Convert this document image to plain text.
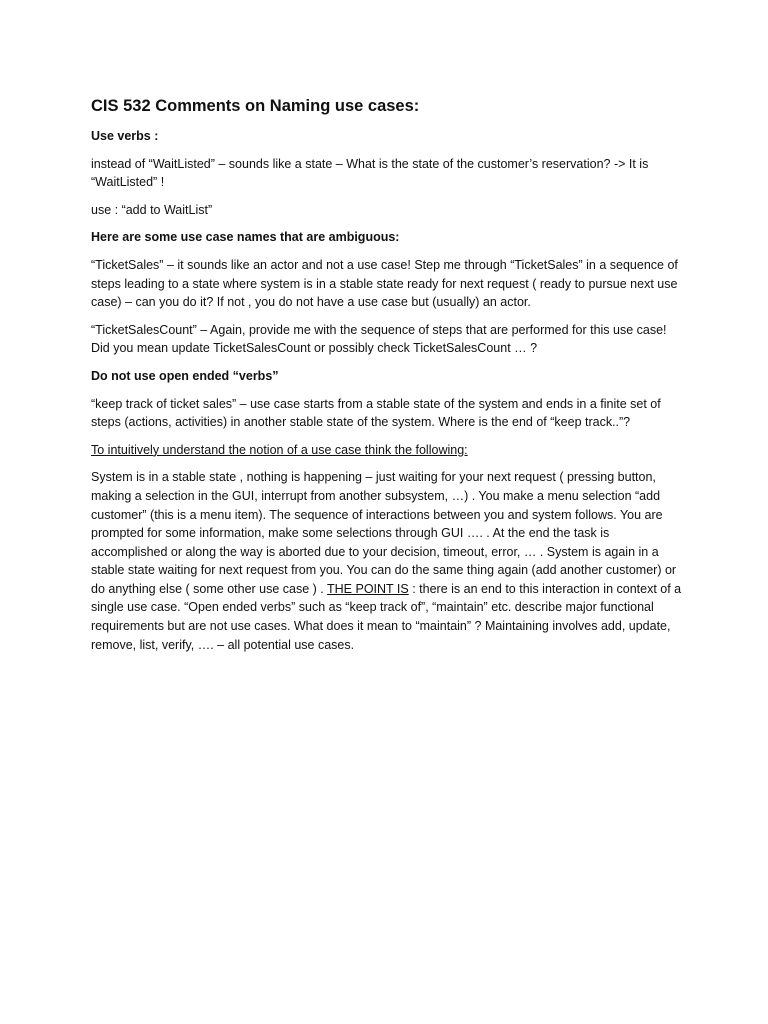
CIS 532 Comments on Naming use cases:

Use verbs :

instead of “WaitListed” – sounds like a state – What is the state of the customer’s reservation? -> It is “WaitListed” !

use : “add to WaitList”

Here are some use case names that are ambiguous:

“TicketSales” – it sounds like an actor and not a use case! Step me through “TicketSales” in a sequence of steps leading to a state where system is in a stable state ready for next request ( ready to pursue next use case) – can you do it? If not , you do not have a use case but (usually) an actor.

“TicketSalesCount” – Again, provide me with the sequence of steps that are performed for this use case! Did you mean update TicketSalesCount or possibly check TicketSalesCount … ?

Do not use open ended “verbs”

“keep track of ticket sales” – use case starts from a stable state of the system and ends in a finite set of steps (actions, activities) in another stable state of the system. Where is the end of “keep track..”?

To intuitively understand the notion of a use case think the following:

System is in a stable state , nothing is happening – just waiting for your next request ( pressing button, making a selection in the GUI, interrupt from another subsystem, …) . You make a menu selection “add customer” (this is a menu item). The sequence of interactions between you and system follows. You are prompted for some information, make some selections through GUI …. . At the end the task is accomplished or along the way is aborted due to your decision, timeout, error, … . System is again in a stable state waiting for next request from you. You can do the same thing again (add another customer) or do anything else ( some other use case ) . THE POINT IS : there is an end to this interaction in context of a single use case. “Open ended verbs” such as “keep track of”, “maintain” etc. describe major functional requirements but are not use cases. What does it mean to “maintain” ? Maintaining involves add, update, remove, list, verify, …. – all potential use cases.
